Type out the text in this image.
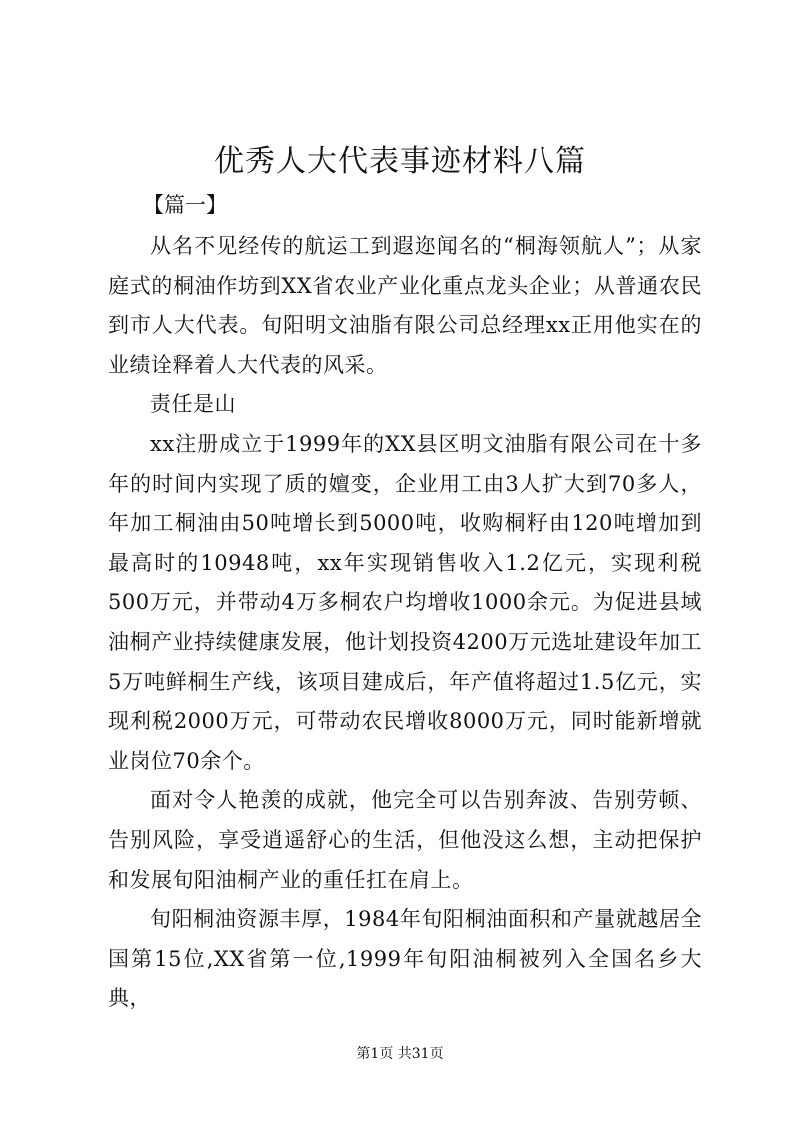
优秀人大代表事迹材料八篇
【篇一】

从名不见经传的航运工到遐迩闻名的“桐海领航人”；从家庭式的桐油作坊到XX省农业产业化重点龙头企业；从普通农民到市人大代表。旬阳明文油脂有限公司总经理xx正用他实在的业绩诠释着人大代表的风采。

责任是山

xx注册成立于1999年的XX县区明文油脂有限公司在十多年的时间内实现了质的嬗变，企业用工由3人扩大到70多人，年加工桐油由50吨增长到5000吨，收购桐籽由120吨增加到最高时的10948吨，xx年实现销售收入1.2亿元，实现利税500万元，并带动4万多桐农户均增收1000余元。为促进县域油桐产业持续健康发展，他计划投资4200万元选址建设年加工5万吨鲜桐生产线，该项目建成后，年产值将超过1.5亿元，实现利税2000万元，可带动农民增收8000万元，同时能新增就业岗位70余个。

面对令人艳羡的成就，他完全可以告别奔波、告别劳顿、告别风险，享受逍遥舒心的生活，但他没这么想，主动把保护和发展旬阳油桐产业的重任扛在肩上。

旬阳桐油资源丰厚，1984年旬阳桐油面积和产量就越居全国第15位,XX省第一位,1999年旬阳油桐被列入全国名乡大典，

第1页 共31页
